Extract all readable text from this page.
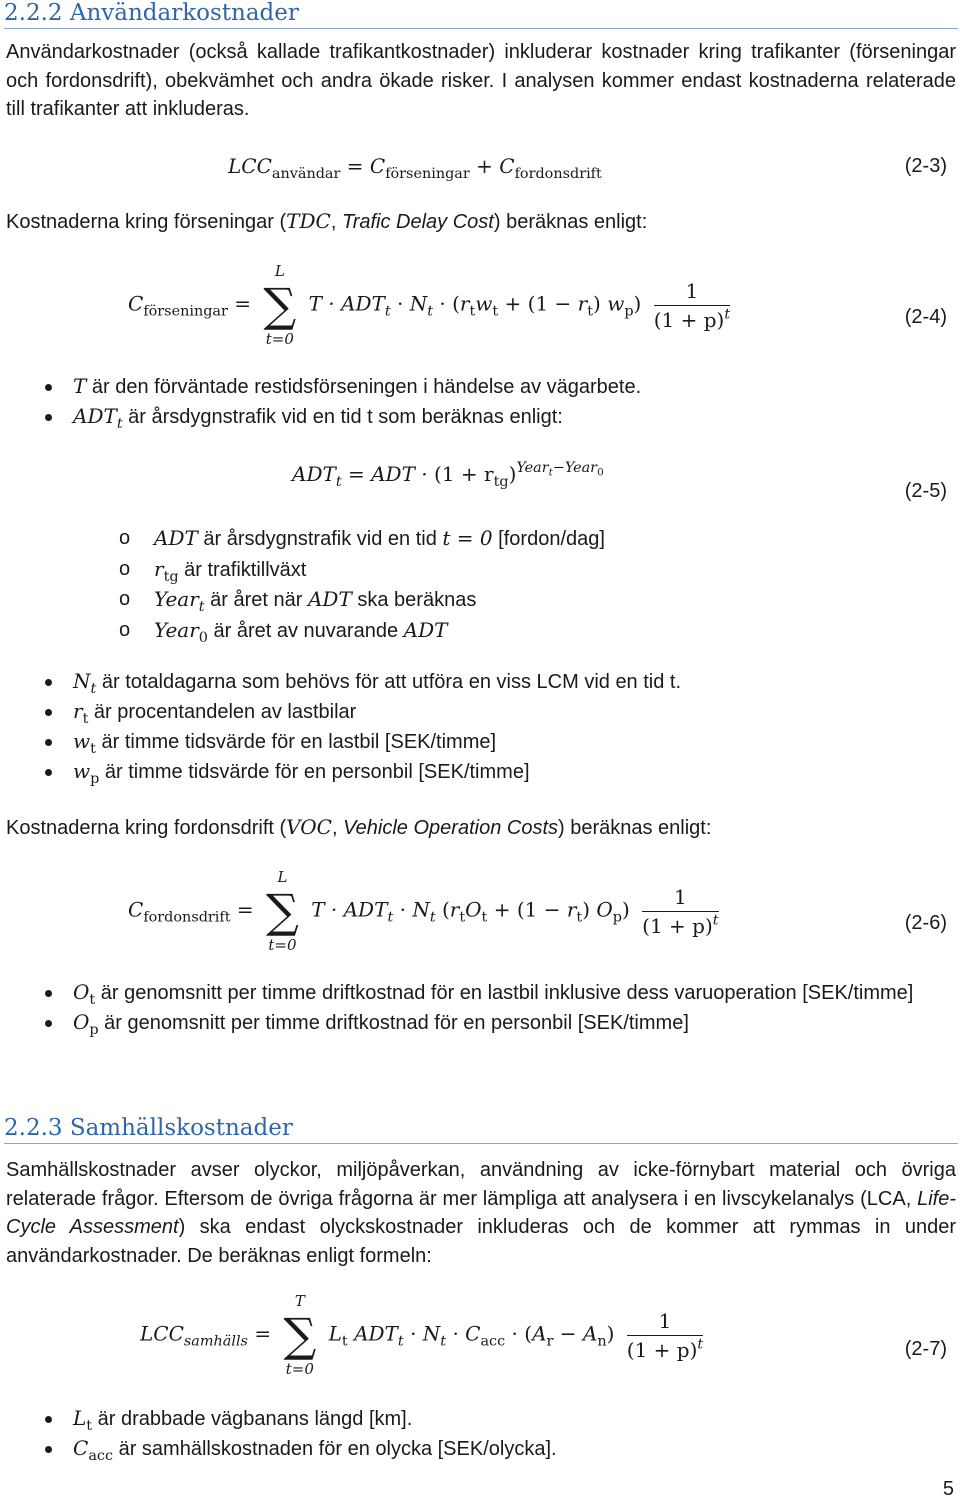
2.2.2 Användarkostnader

Användarkostnader (också kallade trafikantkostnader) inkluderar kostnader kring trafikanter (förseningar och fordonsdrift), obekvämhet och andra ökade risker. I analysen kommer endast kostnaderna relaterade till trafikanter att inkluderas.

$LCC_{användar} = C_{förseningar} + C_{fordonsdrift}$	(2-3)
Kostnaderna kring förseningar (TDC, Trafic Delay Cost) beräknas enligt:
$C_{förseningar} = L$
∑
t=0 $T \cdot ADT_t \cdot N_t \cdot (r_tw_t + (1 - r_t)$ $w_p) \frac{1}{(1 + p)^t}$	(2-4)
T är den förväntade restidsförseningen i händelse av vägarbete.
$ADT_t$ är årsdygnstrafik vid en tid t som beräknas enligt:
$ADT_t$ = ADT · $(1 + r_{tg})^{Year_t-Year_0}$
(2-5)
o ADT är årsdygnstrafik vid en tid t = 0 [fordon/dag]
o $r_{tg}$ är trafiktillväxt
o Year$_t$ är året när ADT ska beräknas
o Year$_0$ är året av nuvarande ADT
$N_t$ är totaldagarna som behövs för att utföra en viss LCM vid en tid t.
$r_t$ är procentandelen av lastbilar
$w_t$ är timme tidsvärde för en lastbil [SEK/timme]
$w_p$ är timme tidsvärde för en personbil [SEK/timme]
Kostnaderna kring fordonsdrift (VOC, Vehicle Operation Costs) beräknas enligt:
$C_{fordonsdrift} = L$
∑
t=0 $T \cdot ADT_t \cdot N_t$ ($r_tO_t + (1 - r_t)$ $O_p) \frac{1}{(1 + p)^t}$	(2-6)
$O_t$ är genomsnitt per timme driftkostnad för en lastbil inklusive dess varuoperation [SEK/timme]
$O_p$ är genomsnitt per timme driftkostnad för en personbil [SEK/timme]
2.2.3 Samhällskostnader

Samhällskostnader avser olyckor, miljöpåverkan, användning av icke-förnybart material och övriga relaterade frågor. Eftersom de övriga frågorna är mer lämpliga att analysera i en livscykelanalys (LCA, Life-Cycle Assessment) ska endast olyckskostnader inkluderas och de kommer att rymmas in under användarkostnader. De beräknas enligt formeln:

$LCC_{samhälls} = T$
∑
t=0 $L_t$ $ADT_t \cdot N_t \cdot C_{acc} \cdot (A_r - A_n) \frac{1}{(1 + p)^t}$	(2-7)
$L_t$ är drabbade vägbanans längd [km].
$C_{acc}$ är samhällskostnaden för en olycka [SEK/olycka].
5
